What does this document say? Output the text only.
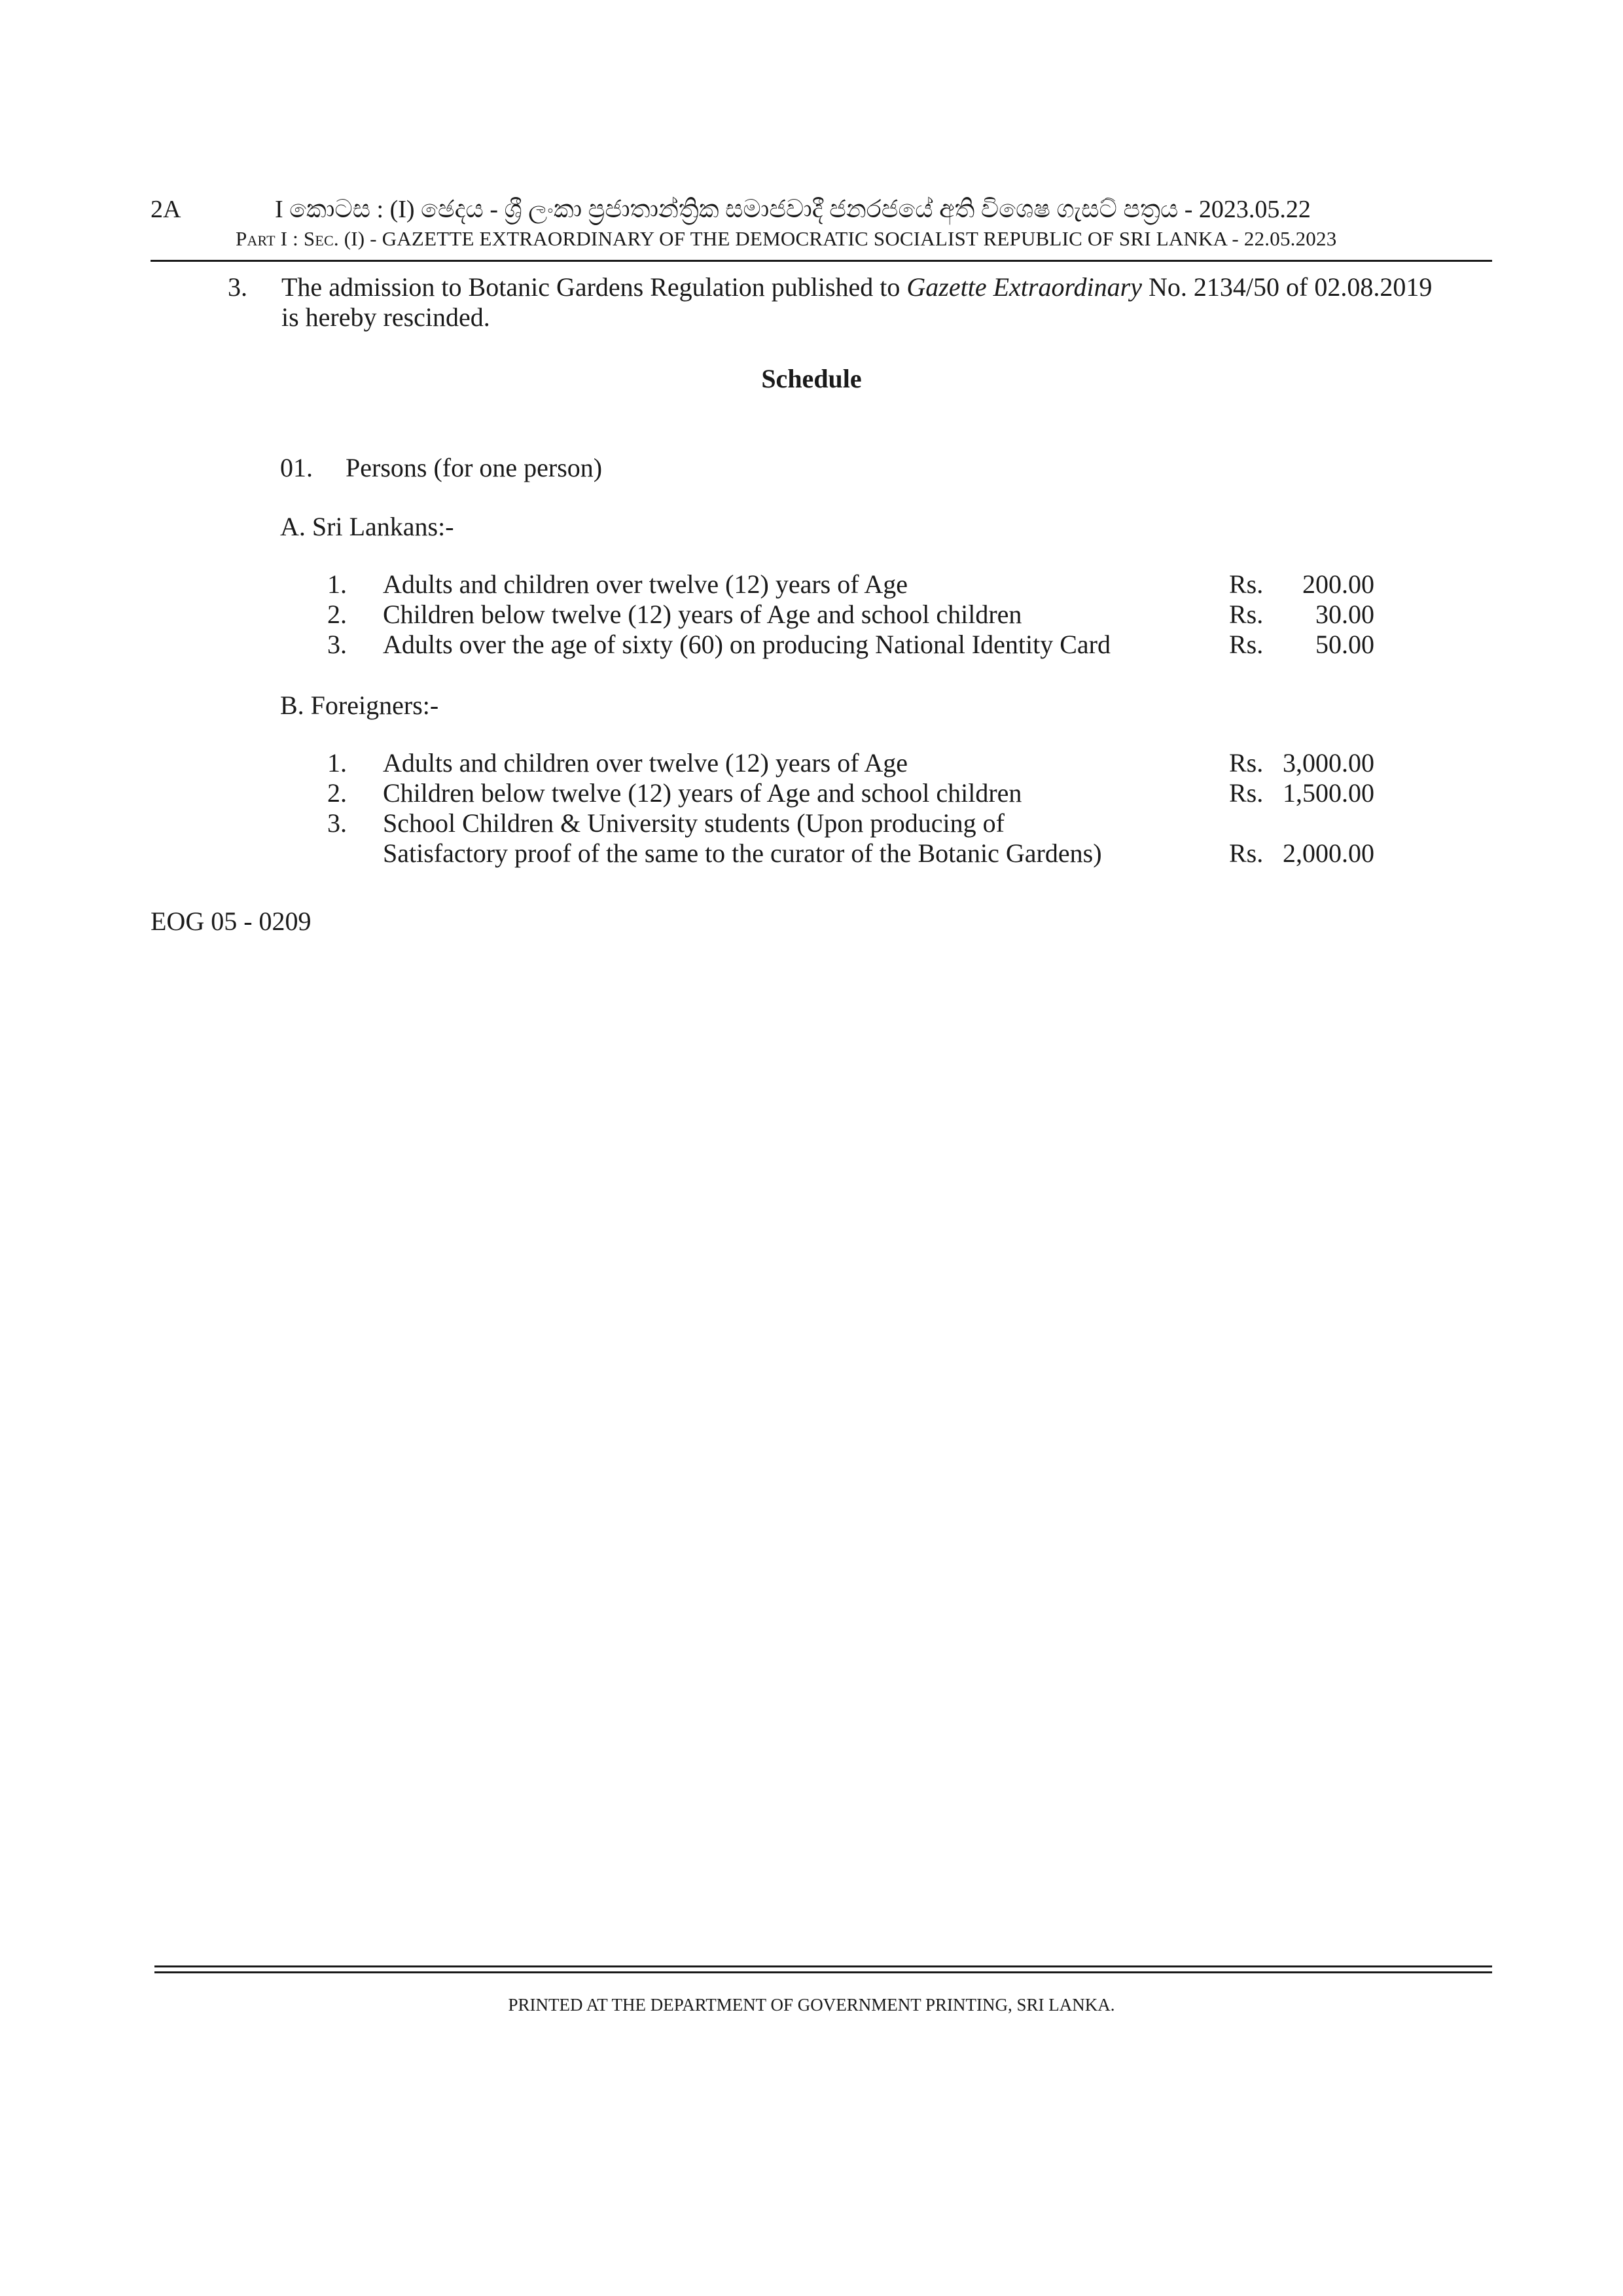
2A	I කොටස : (I) ඡෙදය - ශ්‍රී ලංකා ප්‍රජාතාන්ත්‍රික සමාජවාදී ජනරජයේ අති විශෙෂ ගැසට් පත්‍රය - 2023.05.22
Part I : Sec. (I) - GAZETTE EXTRAORDINARY OF THE DEMOCRATIC SOCIALIST REPUBLIC OF SRI LANKA - 22.05.2023
3. The admission to Botanic Gardens Regulation published to Gazette Extraordinary No. 2134/50 of 02.08.2019
is hereby rescinded.
Schedule
01. Persons (for one person)
A. Sri Lankans:-
1. Adults and children over twelve (12) years of Age	Rs.	200.00
2. Children below twelve (12) years of Age and school children	Rs.	30.00
3. Adults over the age of sixty (60) on producing National Identity Card	Rs.	50.00
B. Foreigners:-
1. Adults and children over twelve (12) years of Age	Rs. 3,000.00
2. Children below twelve (12) years of Age and school children	Rs. 1,500.00
3. School Children & University students (Upon producing of
Satisfactory proof of the same to the curator of the Botanic Gardens)	Rs. 2,000.00
EOG 05 - 0209
PRINTED AT THE DEPARTMENT OF GOVERNMENT PRINTING, SRI LANKA.
